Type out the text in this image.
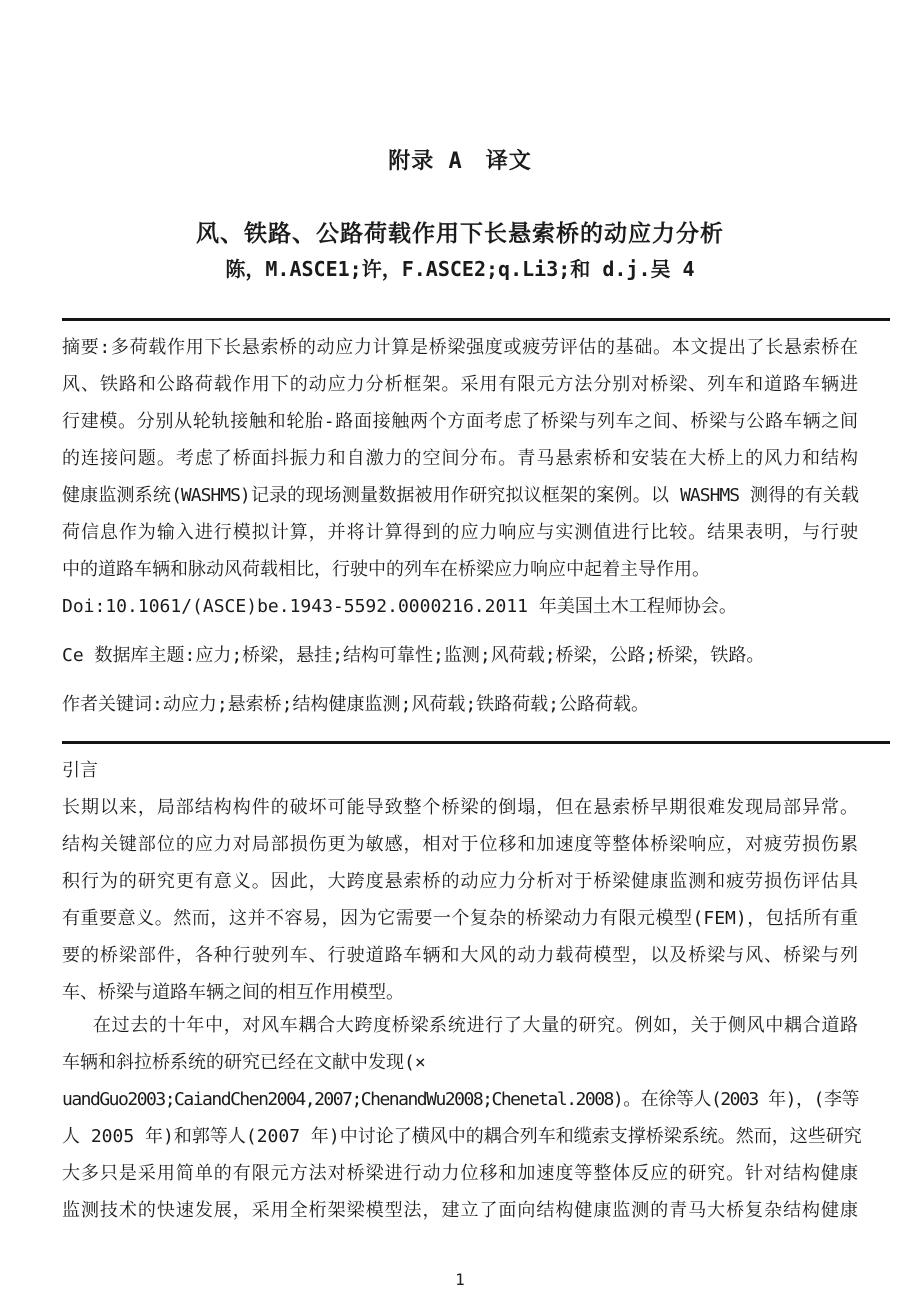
附录 A　译文
风、铁路、公路荷载作用下长悬索桥的动应力分析
陈，M.ASCE1;许，F.ASCE2;q.Li3;和 d.j.吴 4
摘要:多荷载作用下长悬索桥的动应力计算是桥梁强度或疲劳评估的基础。本文提出了长悬索桥在
风、铁路和公路荷载作用下的动应力分析框架。采用有限元方法分别对桥梁、列车和道路车辆进
行建模。分别从轮轨接触和轮胎-路面接触两个方面考虑了桥梁与列车之间、桥梁与公路车辆之间
的连接问题。考虑了桥面抖振力和自激力的空间分布。青马悬索桥和安装在大桥上的风力和结构
健康监测系统(WASHMS)记录的现场测量数据被用作研究拟议框架的案例。以 WASHMS 测得的有关载
荷信息作为输入进行模拟计算，并将计算得到的应力响应与实测值进行比较。结果表明，与行驶
中的道路车辆和脉动风荷载相比，行驶中的列车在桥梁应力响应中起着主导作用。
Doi:10.1061/(ASCE)be.1943-5592.0000216.2011 年美国土木工程师协会。
Ce 数据库主题:应力;桥梁，悬挂;结构可靠性;监测;风荷载;桥梁，公路;桥梁，铁路。
作者关键词:动应力;悬索桥;结构健康监测;风荷载;铁路荷载;公路荷载。
引言
长期以来，局部结构构件的破坏可能导致整个桥梁的倒塌，但在悬索桥早期很难发现局部异常。
结构关键部位的应力对局部损伤更为敏感，相对于位移和加速度等整体桥梁响应，对疲劳损伤累
积行为的研究更有意义。因此，大跨度悬索桥的动应力分析对于桥梁健康监测和疲劳损伤评估具
有重要意义。然而，这并不容易，因为它需要一个复杂的桥梁动力有限元模型(FEM)，包括所有重
要的桥梁部件，各种行驶列车、行驶道路车辆和大风的动力载荷模型，以及桥梁与风、桥梁与列
车、桥梁与道路车辆之间的相互作用模型。
在过去的十年中，对风车耦合大跨度桥梁系统进行了大量的研究。例如，关于侧风中耦合道路
车辆和斜拉桥系统的研究已经在文献中发现(×
uandGuo2003;CaiandChen2004,2007;ChenandWu2008;Chenetal.2008)。在徐等人(2003 年)，(李等
人 2005 年)和郭等人(2007 年)中讨论了横风中的耦合列车和缆索支撑桥梁系统。然而，这些研究
大多只是采用简单的有限元方法对桥梁进行动力位移和加速度等整体反应的研究。针对结构健康
监测技术的快速发展，采用全桁架梁模型法，建立了面向结构健康监测的青马大桥复杂结构健康
1
